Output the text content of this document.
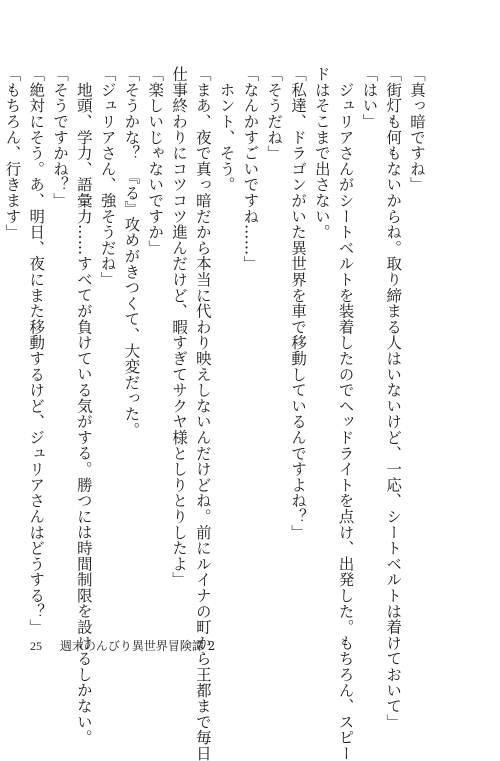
「真っ暗ですね」
「街灯も何もないからね。取り締まる人はいないけど、一応、シートベルトは着けておいて」
「はい」
　ジュリアさんがシートベルトを装着したのでヘッドライトを点け、出発した。もちろん、スピー
ドはそこまで出さない。
「私達、ドラゴンがいた異世界を車で移動しているんですよね？」
「そうだね」
「なんかすごいですね……」
　ホント、そう。
「まあ、夜で真っ暗だから本当に代わり映えしないんだけどね。前にルイナの町から王都まで毎日
仕事終わりにコツコツ進んだけど、暇すぎてサクヤ様としりとりしたよ」
「楽しいじゃないですか」
「そうかな？　『る』攻めがきつくて、大変だった。
「ジュリアさん、強そうだね」
　地頭、学力、語彙力……すべてが負けている気がする。勝つには時間制限を設けるしかない。
「そうですかね？」
「絶対にそう。あ、明日、夜にまた移動するけど、ジュリアさんはどうする？」
「もちろん、行きます」
25 週末のんびり異世界冒険譚 2
